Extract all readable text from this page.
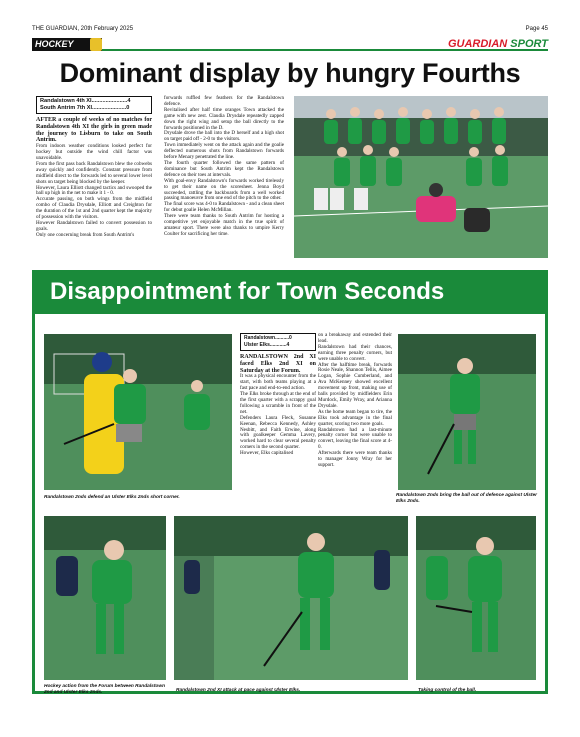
THE GUARDIAN, 20th February 2025	Page 45
HOCKEY	GUARDIAN SPORT
Dominant display by hungry Fourths
Randalstown 4th XI.......................4
South Antrim 7th XI......................0

AFTER a couple of weeks of no matches for Randalstown 4th XI the girls in green made the journey to Lisburn to take on South Antrim.

From indoors weather conditions looked perfect for hockey but outside the wind chill factor was unavoidable.

From the first pass back Randalstown blew the cobwebs away quickly and confidently. Constant pressure from midfield direct to the forwards led to several lower level shots on target being blocked by the keeper.

However, Laura Elliott changed tactics and swooped the ball up high in the net to make it 1 - 0.

Accurate passing, on both wings from the midfield combo of Claudia Drysdale, Elliott and Creighton for the duration of the 1st and 2nd quarter kept the majority of possession with the visitors.

However Randalstown failed to convert possession to goals.

Only one concerning break from South Antrim's

forwards ruffled few feathers for the Randalstown defence.

Revitalised after half time oranges Town attacked the game with new zest. Claudia Drysdale repeatedly zapped down the right wing and setup the ball directly to the forwards positioned in the D.

Drysdale drove the ball into the D herself and a high shot on target paid off - 2-0 to the visitors.

Town immediately went on the attack again and the goalie deflected numerous shots from Randalstown forwards before Menary penetrated the line.

The fourth quarter followed the same pattern of dominance but South Antrim kept the Randalstown defence on their toes at intervals.

With goal-envy Randalstown's forwards worked tirelessly to get their name on the scoresheet. Jenna Boyd succeeded, rattling the backboards from a well worked passing manoeuvre from one end of the pitch to the other.

The final score was 4-0 to Randalstown - and a clean sheet for debut goalie Helen McMillan.

There were team thanks to South Antrim for hosting a competitive yet enjoyable match in the true spirit of amateur sport. There were also thanks to umpire Kerry Coulter for sacrificing her time.

Disappointment for Town Seconds
Randalstown 2nds defend an Ulster Elks 2nds short corner.
Randalstown..........0
Ulster Elks............4

RANDALSTOWN 2nd XI faced Elks 2nd XI on Saturday at the Forum.

It was a physical encounter from the start, with both teams playing at a fast pace and end-to-end action.

The Elks broke through at the end of the first quarter with a scrappy goal following a scramble in front of the net.

Defenders Laura Fleck, Susanne Keenan, Rebecca Kennedy, Ashley Nesbitt, and Faith Erwine, along with goalkeeper Gemma Lavery, worked hard to clear several penalty corners in the second quarter.

However, Elks capitalised

on a breakaway and extended their lead.

Randalstown had their chances, earning three penalty corners, but were unable to convert.

After the halftime break, forwards Rosie Neale, Shannon Tellis, Aimee Logan, Sophie Cumberland, and Ava McKenney showed excellent movement up front, making use of balls provided by midfielders Erin Murdock, Emily Wray, and Arianna Drysdale.

As the home team began to tire, the Elks took advantage in the final quarter, scoring two more goals.

Randalstown had a last-minute penalty corner but were unable to convert, leaving the final score at 4-0.

Afterwards there were team thanks to manager Jonny Wray for her support.

Randalstown 2nds bring the ball out of defence against Ulster Elks 2nds.
Hockey action from the Forum between Randalstown 2nd and Ulster Elks 2nds.	Randalstown 2nd XI attack at pace against Ulster Elks.	Taking control of the ball.
